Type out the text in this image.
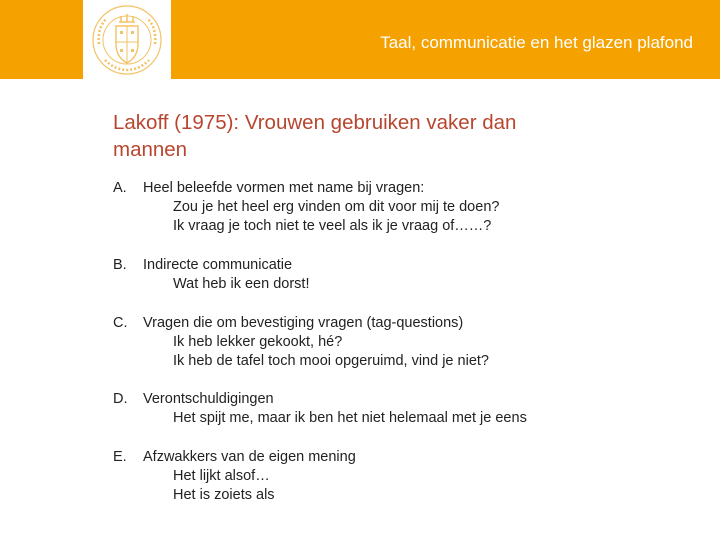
Taal, communicatie en het glazen plafond
Lakoff (1975): Vrouwen gebruiken vaker dan
mannen
A. Heel beleefde vormen met name bij vragen:
Zou je het heel erg vinden om dit voor mij te doen?
Ik vraag je toch niet te veel als ik je vraag of……?
B. Indirecte communicatie
Wat heb ik een dorst!
C. Vragen die om bevestiging vragen (tag-questions)
Ik heb lekker gekookt, hé?
Ik heb de tafel toch mooi opgeruimd, vind je niet?
D. Verontschuldigingen
Het spijt me, maar ik ben het niet helemaal met je eens
E. Afzwakkers van de eigen mening
Het lijkt alsof…
Het is zoiets als
